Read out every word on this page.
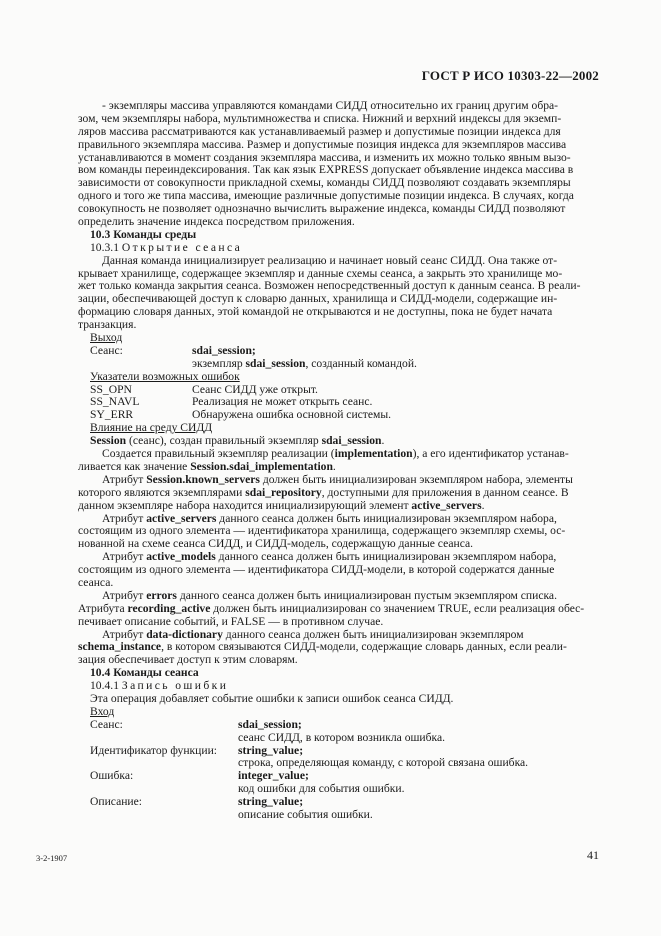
ГОСТ Р ИСО 10303-22—2002
- экземпляры массива управляются командами СИДД относительно их границ другим обра-
зом, чем экземпляры набора, мультимножества и списка. Нижний и верхний индексы для экземп-
ляров массива рассматриваются как устанавливаемый размер и допустимые позиции индекса для
правильного экземпляра массива. Размер и допустимые позиция индекса для экземпляров массива
устанавливаются в момент создания экземпляра массива, и изменить их можно только явным вызо-
вом команды переиндексирования. Так как язык EXPRESS допускает объявление индекса массива в
зависимости от совокупности прикладной схемы, команды СИДД позволяют создавать экземпляры
одного и того же типа массива, имеющие различные допустимые позиции индекса. В случаях, когда
совокупность не позволяет однозначно вычислить выражение индекса, команды СИДД позволяют
определить значение индекса посредством приложения.
10.3 Команды среды
10.3.1 Открытие сеанса
Данная команда инициализирует реализацию и начинает новый сеанс СИДД. Она также от-
крывает хранилище, содержащее экземпляр и данные схемы сеанса, а закрыть это хранилище мо-
жет только команда закрытия сеанса. Возможен непосредственный доступ к данным сеанса. В реали-
зации, обеспечивающей доступ к словарю данных, хранилища и СИДД-модели, содержащие ин-
формацию словаря данных, этой командой не открываются и не доступны, пока не будет начата
транзакция.
Выход
Сеанс:	sdai_session;
экземпляр sdai_session, созданный командой.
Указатели возможных ошибок
SS_OPN	Сеанс СИДД уже открыт.
SS_NAVL	Реализация не может открыть сеанс.
SY_ERR	Обнаружена ошибка основной системы.
Влияние на среду СИДД
Session (сеанс), создан правильный экземпляр sdai_session.
Создается правильный экземпляр реализации (implementation), а его идентификатор устанав-
ливается как значение Session.sdai_implementation.
Атрибут Session.known_servers должен быть инициализирован экземпляром набора, элементы
которого являются экземплярами sdai_repository, доступными для приложения в данном сеансе. В
данном экземпляре набора находится инициализирующий элемент active_servers.
Атрибут active_servers данного сеанса должен быть инициализирован экземпляром набора,
состоящим из одного элемента — идентификатора хранилища, содержащего экземпляр схемы, ос-
нованной на схеме сеанса СИДД, и СИДД-модель, содержащую данные сеанса.
Атрибут active_models данного сеанса должен быть инициализирован экземпляром набора,
состоящим из одного элемента — идентификатора СИДД-модели, в которой содержатся данные
сеанса.
Атрибут errors данного сеанса должен быть инициализирован пустым экземпляром списка.
Атрибута recording_active должен быть инициализирован со значением TRUE, если реализация обес-
печивает описание событий, и FALSE — в противном случае.
Атрибут data-dictionary данного сеанса должен быть инициализирован экземпляром
schema_instance, в котором связываются СИДД-модели, содержащие словарь данных, если реали-
зация обеспечивает доступ к этим словарям.
10.4 Команды сеанса
10.4.1 Запись ошибки
Эта операция добавляет событие ошибки к записи ошибок сеанса СИДД.
Вход
Сеанс:	sdai_session;
сеанс СИДД, в котором возникла ошибка.
Идентификатор функции:	string_value;
строка, определяющая команду, с которой связана ошибка.
Ошибка:	integer_value;
код ошибки для события ошибки.
Описание:	string_value;
описание события ошибки.
3-2-1907	41
